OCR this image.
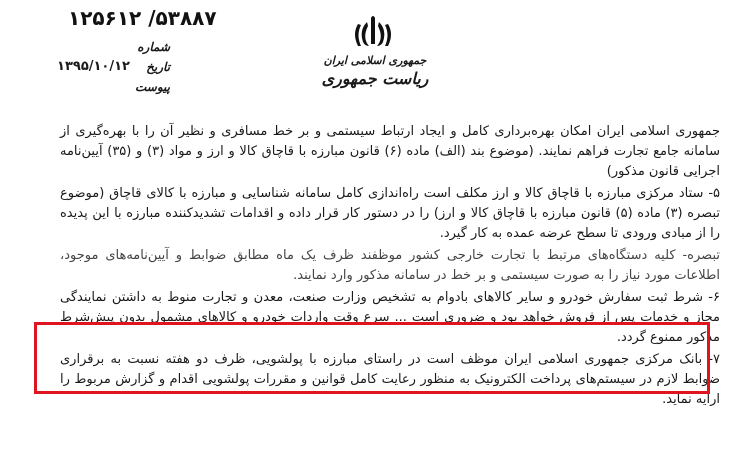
۵۳۸۸۷/ ۱۲۵۶۱۲
شماره
تاریخ
۱۳۹۵/۱۰/۱۲
پیوست
جمهوری اسلامی ایران
ریاست جمهوری

جمهوری اسلامی ایران امکان بهره‌برداری کامل و ایجاد ارتباط سیستمی و بر خط مسافری و نظیر آن را با بهره‌گیری از سامانه جامع تجارت فراهم نمایند. (موضوع بند (الف) ماده (۶) قانون مبارزه با قاچاق کالا و ارز و مواد (۳) و (۳۵) آیین‌نامه اجرایی قانون مذکور)

۵- ستاد مرکزی مبارزه با قاچاق کالا و ارز مکلف است راه‌اندازی کامل سامانه شناسایی و مبارزه با کالای قاچاق (موضوع تبصره (۳) ماده (۵) قانون مبارزه با قاچاق کالا و ارز) را در دستور کار قرار داده و اقدامات تشدیدکننده مبارزه با این پدیده را از مبادی ورودی تا سطح عرضه عمده به کار گیرد.

تبصره- کلیه دستگاه‌های مرتبط با تجارت خارجی کشور موظفند ظرف یک ماه مطابق ضوابط و آیین‌نامه‌های موجود، اطلاعات مورد نیاز را به صورت سیستمی و بر خط در سامانه مذکور وارد نمایند.

۶- شرط ثبت سفارش خودرو و سایر کالاهای بادوام به تشخیص وزارت صنعت، معدن و تجارت منوط به داشتن نمایندگی مجاز و خدمات پس از فروش خواهد بود و ضروری است ... سرع وقت واردات خودرو و کالاهای مشمول بدون پیش‌شرط مذکور ممنوع گردد.

۷- بانک مرکزی جمهوری اسلامی ایران موظف است در راستای مبارزه با پولشویی، ظرف دو هفته نسبت به برقراری ضوابط لازم در سیستم‌های پرداخت الکترونیک به منظور رعایت کامل قوانین و مقررات پولشویی اقدام و گزارش مربوط را ارایه نماید.
